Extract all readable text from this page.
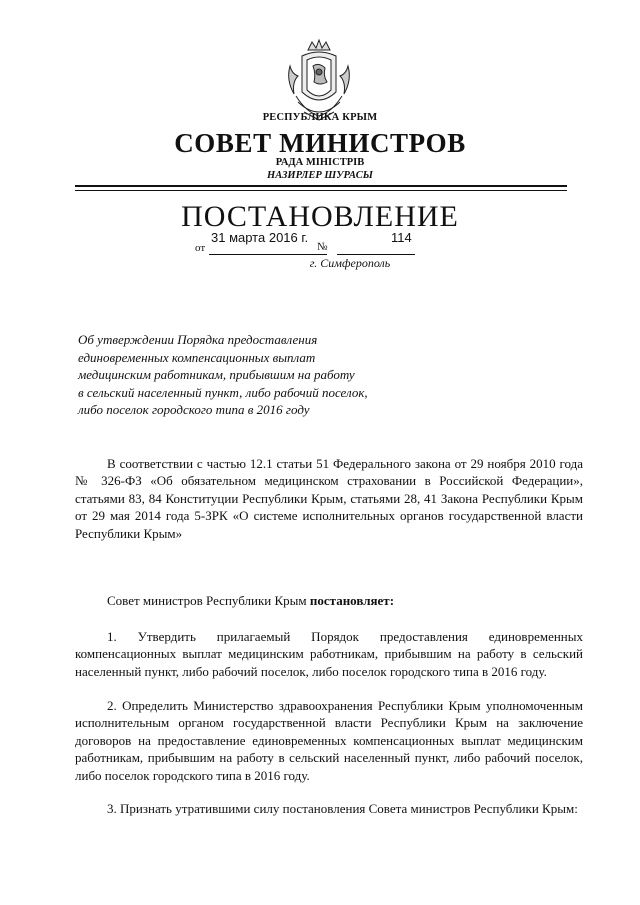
РЕСПУБЛИКА КРЫМ
СОВЕТ МИНИСТРОВ
РАДА МІНІСТРІВ
НАЗИРЛЕР ШУРАСЫ
ПОСТАНОВЛЕНИЕ
от
31 марта 2016 г.
№
114
г. Симферополь
Об утверждении Порядка предоставления
единовременных компенсационных выплат
медицинским работникам, прибывшим на работу
в сельский населенный пункт, либо рабочий поселок,
либо поселок городского типа в 2016 году
В соответствии с частью 12.1 статьи 51 Федерального закона от 29 ноября 2010 года № 326-ФЗ «Об обязательном медицинском страховании в Российской Федерации», статьями 83, 84 Конституции Республики Крым, статьями 28, 41 Закона Республики Крым от 29 мая 2014 года 5-ЗРК «О системе исполнительных органов государственной власти Республики Крым»
Совет министров Республики Крым постановляет:
1. Утвердить прилагаемый Порядок предоставления единовременных компенсационных выплат медицинским работникам, прибывшим на работу в сельский населенный пункт, либо рабочий поселок, либо поселок городского типа в 2016 году.
2. Определить Министерство здравоохранения Республики Крым уполномоченным исполнительным органом государственной власти Республики Крым на заключение договоров на предоставление единовременных компенсационных выплат медицинским работникам, прибывшим на работу в сельский населенный пункт, либо рабочий поселок, либо поселок городского типа в 2016 году.
3. Признать утратившими силу постановления Совета министров Республики Крым:
